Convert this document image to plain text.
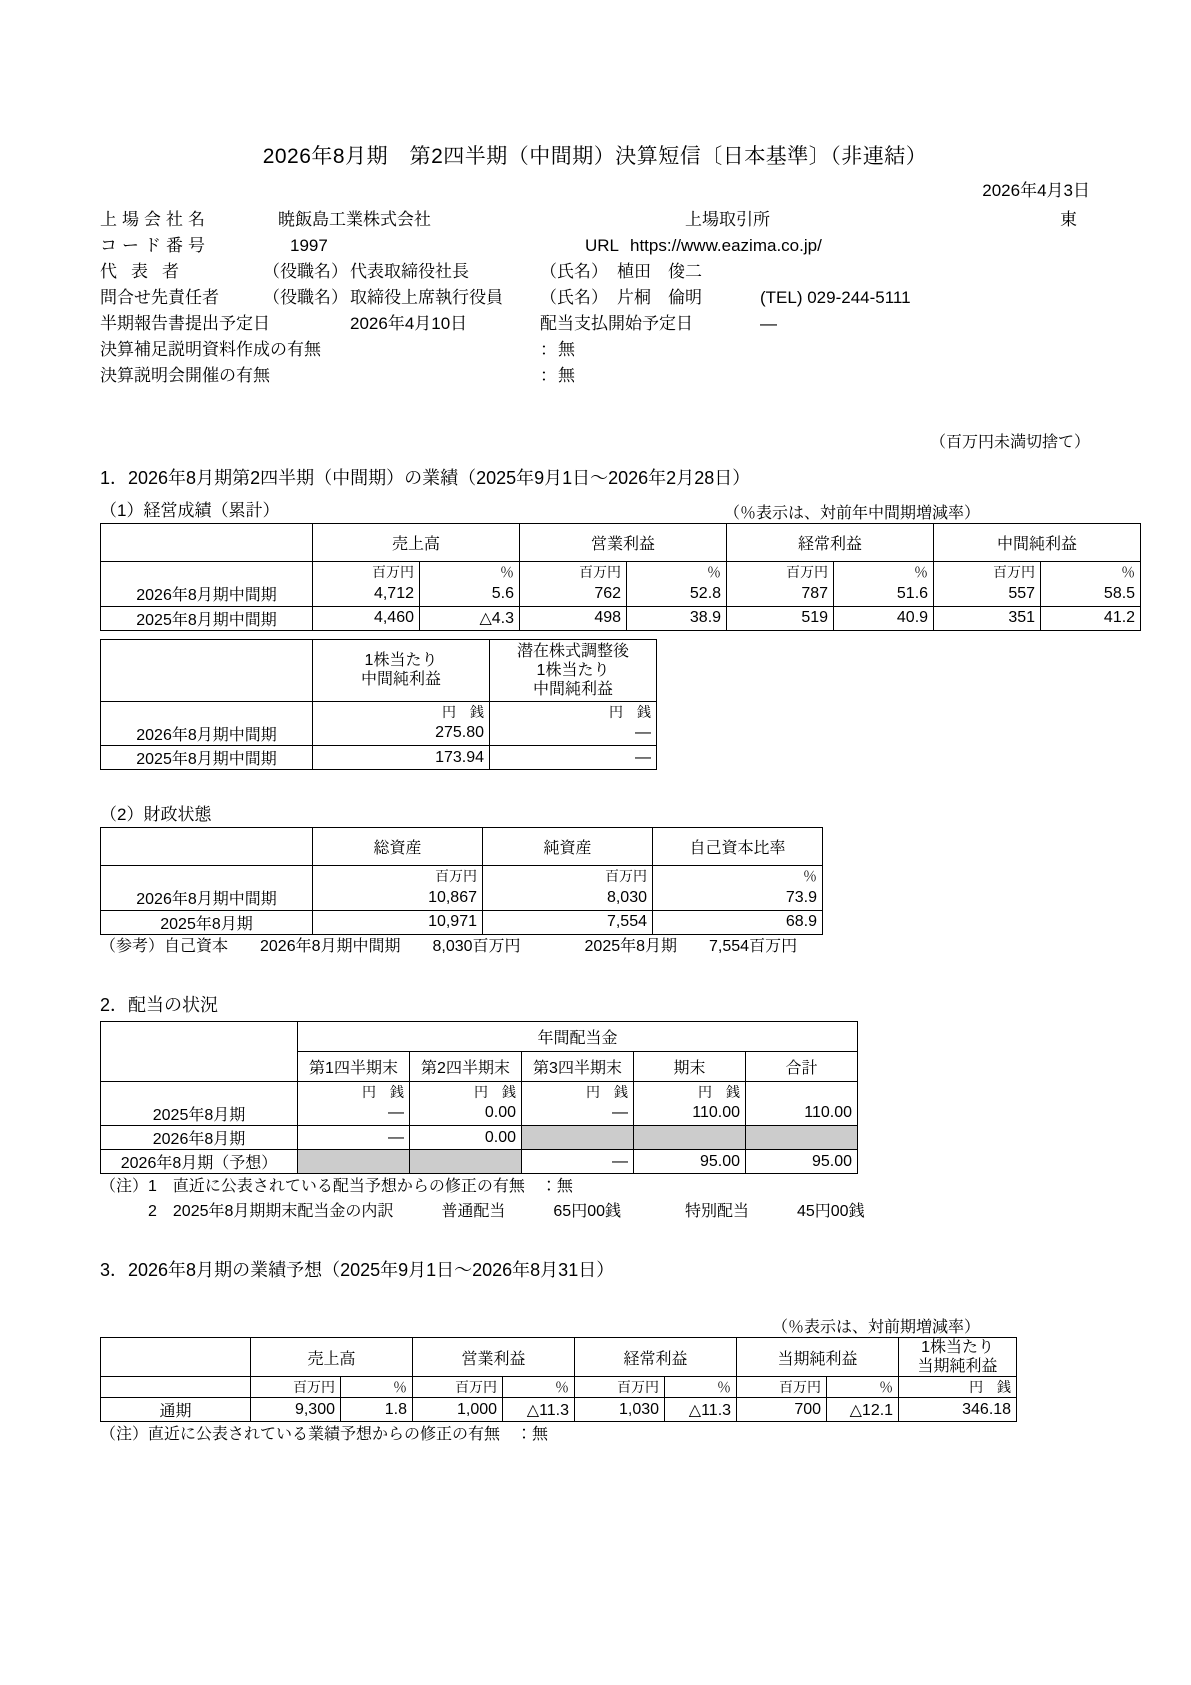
2026年8月期　第2四半期（中間期）決算短信〔日本基準〕（非連結）
2026年4月3日
上場会社名	暁飯島工業株式会社	上場取引所	東
コード番号	1997	URL https://www.eazima.co.jp/
代表者	（役職名） 代表取締役社長	（氏名） 植田　俊二
問合せ先責任者	（役職名） 取締役上席執行役員 （氏名） 片桐　倫明	(TEL) 029-244-5111
半期報告書提出予定日	2026年4月10日	配当支払開始予定日	—
決算補足説明資料作成の有無	： 無
決算説明会開催の有無	： 無
（百万円未満切捨て）
1．2026年8月期第2四半期（中間期）の業績（2025年9月1日〜2026年2月28日）
（1）経営成績（累計）	（％表示は、対前年中間期増減率）
	売上高		営業利益		経常利益		中間純利益	
	百万円	％	百万円	％	百万円	％	百万円	％
2026年8月期中間期	4,712	5.6	762	52.8	787	51.6	557	58.5
2025年8月期中間期	4,460	△4.3	498	38.9	519	40.9	351	41.2

1株当たり
中間純利益

潜在株式調整後
1株当たり
中間純利益

	円　銭	円　銭
2026年8月期中間期	275.80	—
2025年8月期中間期	173.94	—
（2）財政状態
	総資産	純資産	自己資本比率
	百万円	百万円	％
2026年8月期中間期	10,867	8,030	73.9
2025年8月期	10,971	7,554	68.9
（参考）自己資本　　2026年8月期中間期　　8,030百万円　　　　2025年8月期　　7,554百万円
2．配当の状況
	年間配当金				
	第1四半期末	第2四半期末	第3四半期末	期末	合計
	円　銭	円　銭	円　銭	円　銭	
2025年8月期	—	0.00	—	110.00	110.00
2026年8月期	—	0.00			
2026年8月期（予想）			—	95.00	95.00
（注）1　直近に公表されている配当予想からの修正の有無　：無
　　　2　2025年8月期期末配当金の内訳　　　普通配当　　　65円00銭　　　　特別配当　　　45円00銭
3．2026年8月期の業績予想（2025年9月1日〜2026年8月31日）
（％表示は、対前期増減率）
	売上高		営業利益		経常利益		当期純利益		1株当たり
当期純利益

	百万円	％	百万円	％	百万円	％	百万円	％	円　銭
通期	9,300	1.8	1,000	△11.3	1,030	△11.3	700	△12.1	346.18
（注）直近に公表されている業績予想からの修正の有無　：無
